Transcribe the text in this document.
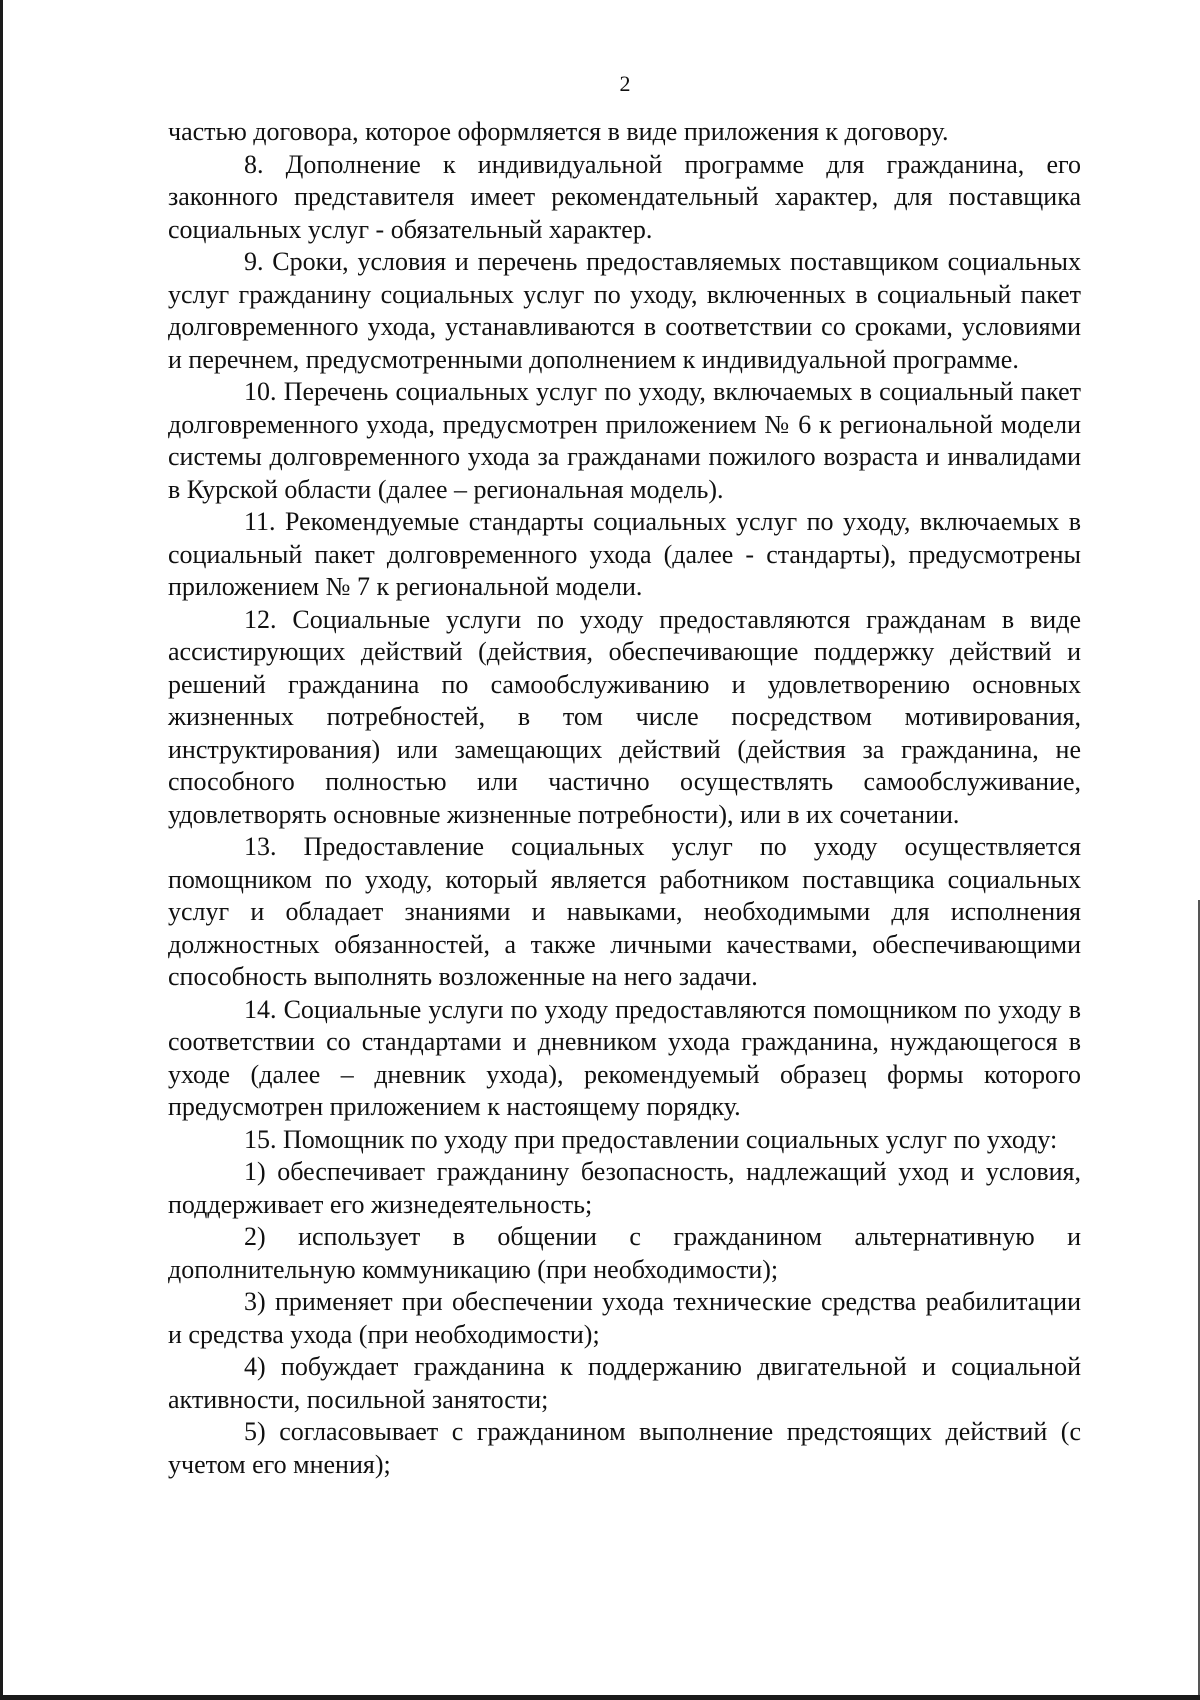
2

частью договора, которое оформляется в виде приложения к договору.

8. Дополнение к индивидуальной программе для гражданина, его законного представителя имеет рекомендательный характер, для поставщика социальных услуг - обязательный характер.

9. Сроки, условия и перечень предоставляемых поставщиком социальных услуг гражданину социальных услуг по уходу, включенных в социальный пакет долговременного ухода, устанавливаются в соответствии со сроками, условиями и перечнем, предусмотренными дополнением к индивидуальной программе.

10. Перечень социальных услуг по уходу, включаемых в социальный пакет долговременного ухода, предусмотрен приложением № 6 к региональной модели системы долговременного ухода за гражданами пожилого возраста и инвалидами в Курской области (далее – региональная модель).

11. Рекомендуемые стандарты социальных услуг по уходу, включаемых в социальный пакет долговременного ухода (далее - стандарты), предусмотрены приложением № 7 к региональной модели.

12. Социальные услуги по уходу предоставляются гражданам в виде ассистирующих действий (действия, обеспечивающие поддержку действий и решений гражданина по самообслуживанию и удовлетворению основных жизненных потребностей, в том числе посредством мотивирования, инструктирования) или замещающих действий (действия за гражданина, не способного полностью или частично осуществлять самообслуживание, удовлетворять основные жизненные потребности), или в их сочетании.

13. Предоставление социальных услуг по уходу осуществляется помощником по уходу, который является работником поставщика социальных услуг и обладает знаниями и навыками, необходимыми для исполнения должностных обязанностей, а также личными качествами, обеспечивающими способность выполнять возложенные на него задачи.

14. Социальные услуги по уходу предоставляются помощником по уходу в соответствии со стандартами и дневником ухода гражданина, нуждающегося в уходе (далее – дневник ухода), рекомендуемый образец формы которого предусмотрен приложением к настоящему порядку.

15. Помощник по уходу при предоставлении социальных услуг по уходу:

1) обеспечивает гражданину безопасность, надлежащий уход и условия, поддерживает его жизнедеятельность;

2) использует в общении с гражданином альтернативную и дополнительную коммуникацию (при необходимости);

3) применяет при обеспечении ухода технические средства реабилитации и средства ухода (при необходимости);

4) побуждает гражданина к поддержанию двигательной и социальной активности, посильной занятости;

5) согласовывает с гражданином выполнение предстоящих действий (с учетом его мнения);
